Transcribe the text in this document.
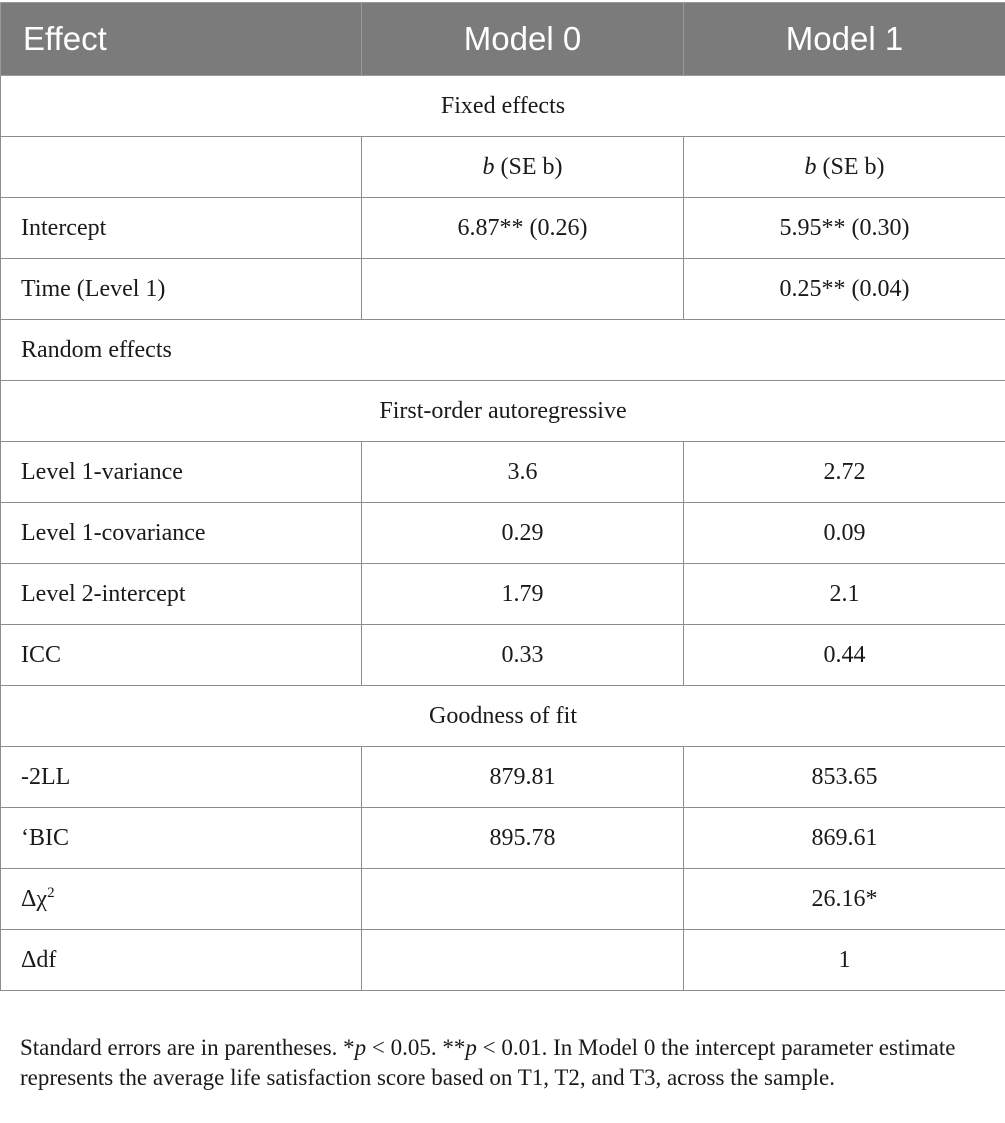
Effect	Model 0	Model 1
Fixed effects		
	b (SE b)	b (SE b)
Intercept	6.87** (0.26)	5.95** (0.30)
Time (Level 1)		0.25** (0.04)
Random effects		
First-order autoregressive		
Level 1-variance	3.6	2.72
Level 1-covariance	0.29	0.09
Level 2-intercept	1.79	2.1
ICC	0.33	0.44
Goodness of fit		
-2LL	879.81	853.65
‘BIC	895.78	869.61
$\Delta\chi^2$		26.16*
Δdf		1

Standard errors are in parentheses. *p < 0.05. **p < 0.01. In Model 0 the intercept parameter estimate represents the average life satisfaction score based on T1, T2, and T3, across the sample.
